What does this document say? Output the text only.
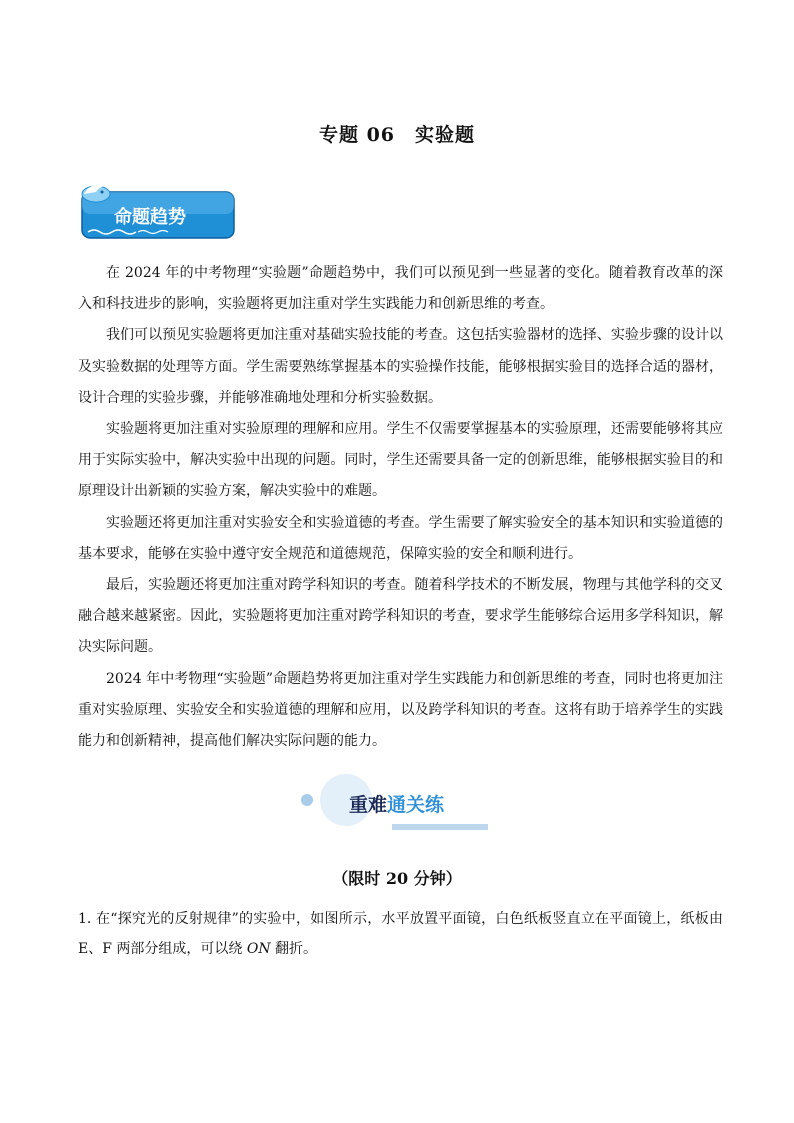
专题 06　实验题
命题趋势

在 2024 年的中考物理“实验题”命题趋势中，我们可以预见到一些显著的变化。随着教育改革的深入和科技进步的影响，实验题将更加注重对学生实践能力和创新思维的考查。

我们可以预见实验题将更加注重对基础实验技能的考查。这包括实验器材的选择、实验步骤的设计以及实验数据的处理等方面。学生需要熟练掌握基本的实验操作技能，能够根据实验目的选择合适的器材，设计合理的实验步骤，并能够准确地处理和分析实验数据。

实验题将更加注重对实验原理的理解和应用。学生不仅需要掌握基本的实验原理，还需要能够将其应用于实际实验中，解决实验中出现的问题。同时，学生还需要具备一定的创新思维，能够根据实验目的和原理设计出新颖的实验方案，解决实验中的难题。

实验题还将更加注重对实验安全和实验道德的考查。学生需要了解实验安全的基本知识和实验道德的基本要求，能够在实验中遵守安全规范和道德规范，保障实验的安全和顺利进行。

最后，实验题还将更加注重对跨学科知识的考查。随着科学技术的不断发展，物理与其他学科的交叉融合越来越紧密。因此，实验题将更加注重对跨学科知识的考查，要求学生能够综合运用多学科知识，解决实际问题。

2024 年中考物理“实验题”命题趋势将更加注重对学生实践能力和创新思维的考查，同时也将更加注重对实验原理、实验安全和实验道德的理解和应用，以及跨学科知识的考查。这将有助于培养学生的实践能力和创新精神，提高他们解决实际问题的能力。

重难通关练
（限时 20 分钟）
1. 在“探究光的反射规律”的实验中，如图所示，水平放置平面镜，白色纸板竖直立在平面镜上，纸板由 E、F 两部分组成，可以绕 ON 翻折。
